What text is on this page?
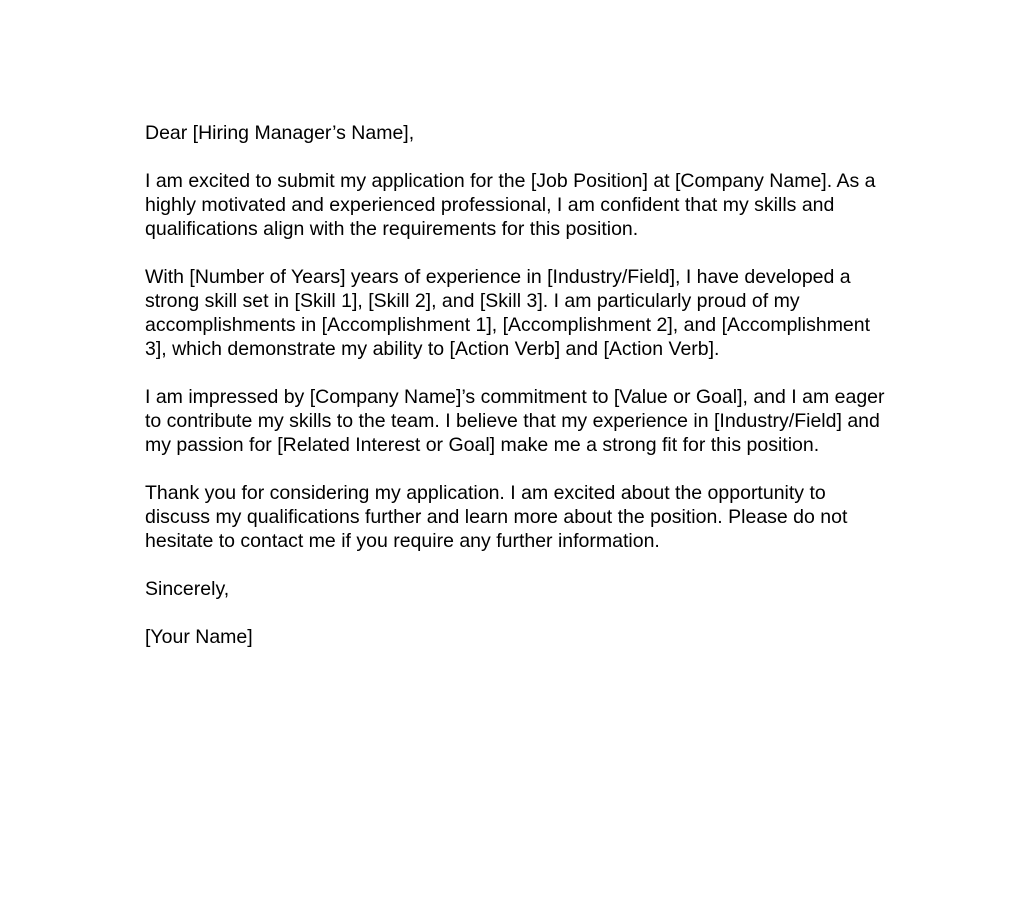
Dear [Hiring Manager’s Name],

I am excited to submit my application for the [Job Position] at [Company Name]. As a highly motivated and experienced professional, I am confident that my skills and qualifications align with the requirements for this position.

With [Number of Years] years of experience in [Industry/Field], I have developed a strong skill set in [Skill 1], [Skill 2], and [Skill 3]. I am particularly proud of my accomplishments in [Accomplishment 1], [Accomplishment 2], and [Accomplishment 3], which demonstrate my ability to [Action Verb] and [Action Verb].

I am impressed by [Company Name]’s commitment to [Value or Goal], and I am eager to contribute my skills to the team. I believe that my experience in [Industry/Field] and my passion for [Related Interest or Goal] make me a strong fit for this position.

Thank you for considering my application. I am excited about the opportunity to discuss my qualifications further and learn more about the position. Please do not hesitate to contact me if you require any further information.

Sincerely,

[Your Name]
